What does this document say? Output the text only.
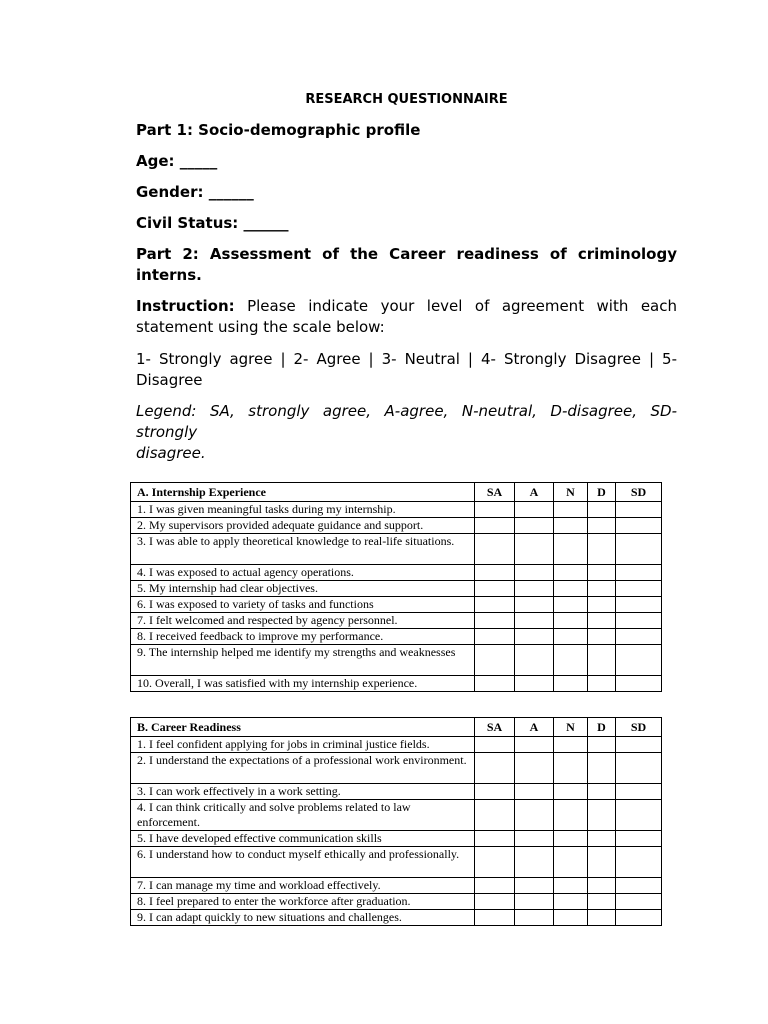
RESEARCH QUESTIONNAIRE
Part 1: Socio-demographic profile
Age: _____
Gender: ______
Civil Status: ______
Part 2: Assessment of the Career readiness of criminology interns.
Instruction: Please indicate your level of agreement with each statement using the scale below:
1- Strongly agree | 2- Agree | 3- Neutral | 4- Strongly Disagree | 5- Disagree
Legend: SA, strongly agree, A-agree, N-neutral, D-disagree, SD-
strongly
disagree.
A. Internship Experience	SA	A	N	D	SD
1. I was given meaningful tasks during my internship.					
2. My supervisors provided adequate guidance and support.					
3. I was able to apply theoretical knowledge to real-life situations.					
4. I was exposed to actual agency operations.					
5. My internship had clear objectives.					
6. I was exposed to variety of tasks and functions					
7. I felt welcomed and respected by agency personnel.					
8. I received feedback to improve my performance.					
9. The internship helped me identify my strengths and weaknesses					
10. Overall, I was satisfied with my internship experience.					
B. Career Readiness	SA	A	N	D	SD
1. I feel confident applying for jobs in criminal justice fields.					
2. I understand the expectations of a professional work environment.					
3. I can work effectively in a work setting.					
4. I can think critically and solve problems related to law enforcement.					
5. I have developed effective communication skills					
6. I understand how to conduct myself ethically and professionally.					
7. I can manage my time and workload effectively.					
8. I feel prepared to enter the workforce after graduation.					
9. I can adapt quickly to new situations and challenges.					
